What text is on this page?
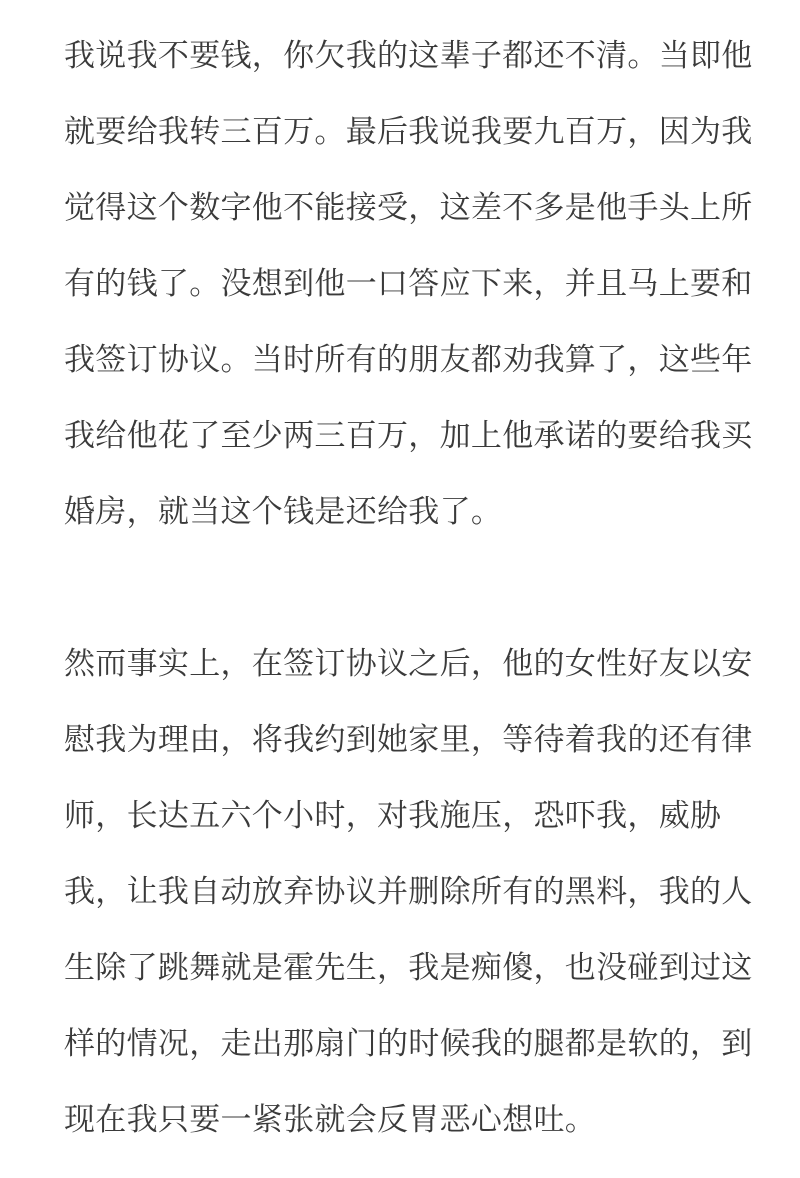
我说我不要钱，你欠我的这辈子都还不清。当即他
就要给我转三百万。最后我说我要九百万，因为我
觉得这个数字他不能接受，这差不多是他手头上所
有的钱了。没想到他一口答应下来，并且马上要和
我签订协议。当时所有的朋友都劝我算了，这些年
我给他花了至少两三百万，加上他承诺的要给我买
婚房，就当这个钱是还给我了。
然而事实上，在签订协议之后，他的女性好友以安
慰我为理由，将我约到她家里，等待着我的还有律
师，长达五六个小时，对我施压，恐吓我，威胁
我，让我自动放弃协议并删除所有的黑料，我的人
生除了跳舞就是霍先生，我是痴傻，也没碰到过这
样的情况，走出那扇门的时候我的腿都是软的，到
现在我只要一紧张就会反胃恶心想吐。
